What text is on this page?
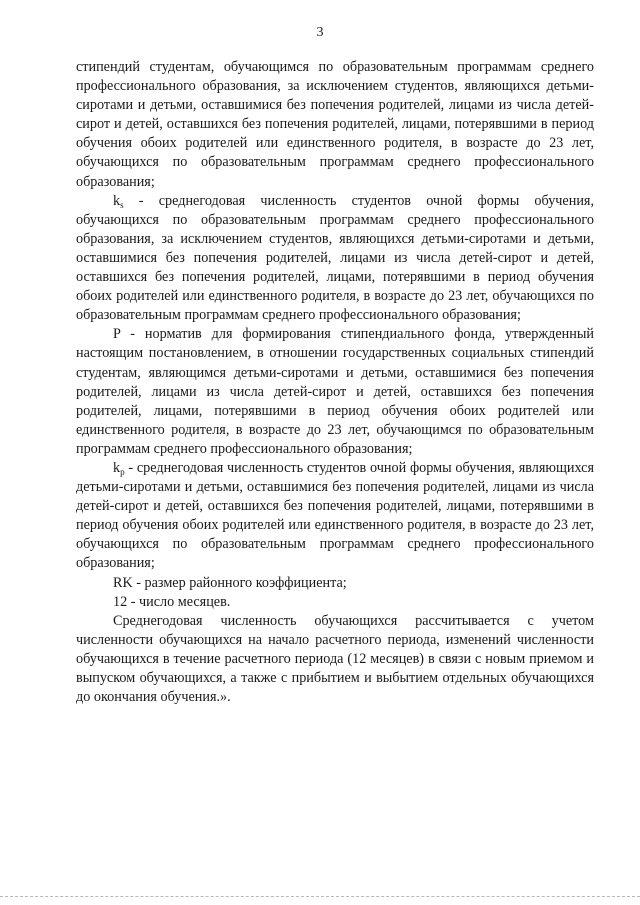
3

стипендий студентам, обучающимся по образовательным программам среднего профессионального образования, за исключением студентов, являющихся детьми-сиротами и детьми, оставшимися без попечения родителей, лицами из числа детей-сирот и детей, оставшихся без попечения родителей, лицами, потерявшими в период обучения обоих родителей или единственного родителя, в возрасте до 23 лет, обучающихся по образовательным программам среднего профессионального образования;

$k_s$ - среднегодовая численность студентов очной формы обучения, обучающихся по образовательным программам среднего профессионального образования, за исключением студентов, являющихся детьми-сиротами и детьми, оставшимися без попечения родителей, лицами из числа детей-сирот и детей, оставшихся без попечения родителей, лицами, потерявшими в период обучения обоих родителей или единственного родителя, в возрасте до 23 лет, обучающихся по образовательным программам среднего профессионального образования;

P - норматив для формирования стипендиального фонда, утвержденный настоящим постановлением, в отношении государственных социальных стипендий студентам, являющимся детьми-сиротами и детьми, оставшимися без попечения родителей, лицами из числа детей-сирот и детей, оставшихся без попечения родителей, лицами, потерявшими в период обучения обоих родителей или единственного родителя, в возрасте до 23 лет, обучающимся по образовательным программам среднего профессионального образования;

$k_p$ - среднегодовая численность студентов очной формы обучения, являющихся детьми-сиротами и детьми, оставшимися без попечения родителей, лицами из числа детей-сирот и детей, оставшихся без попечения родителей, лицами, потерявшими в период обучения обоих родителей или единственного родителя, в возрасте до 23 лет, обучающихся по образовательным программам среднего профессионального образования;

RK - размер районного коэффициента;

12 - число месяцев.

Среднегодовая численность обучающихся рассчитывается с учетом численности обучающихся на начало расчетного периода, изменений численности обучающихся в течение расчетного периода (12 месяцев) в связи с новым приемом и выпуском обучающихся, а также с прибытием и выбытием отдельных обучающихся до окончания обучения.».
